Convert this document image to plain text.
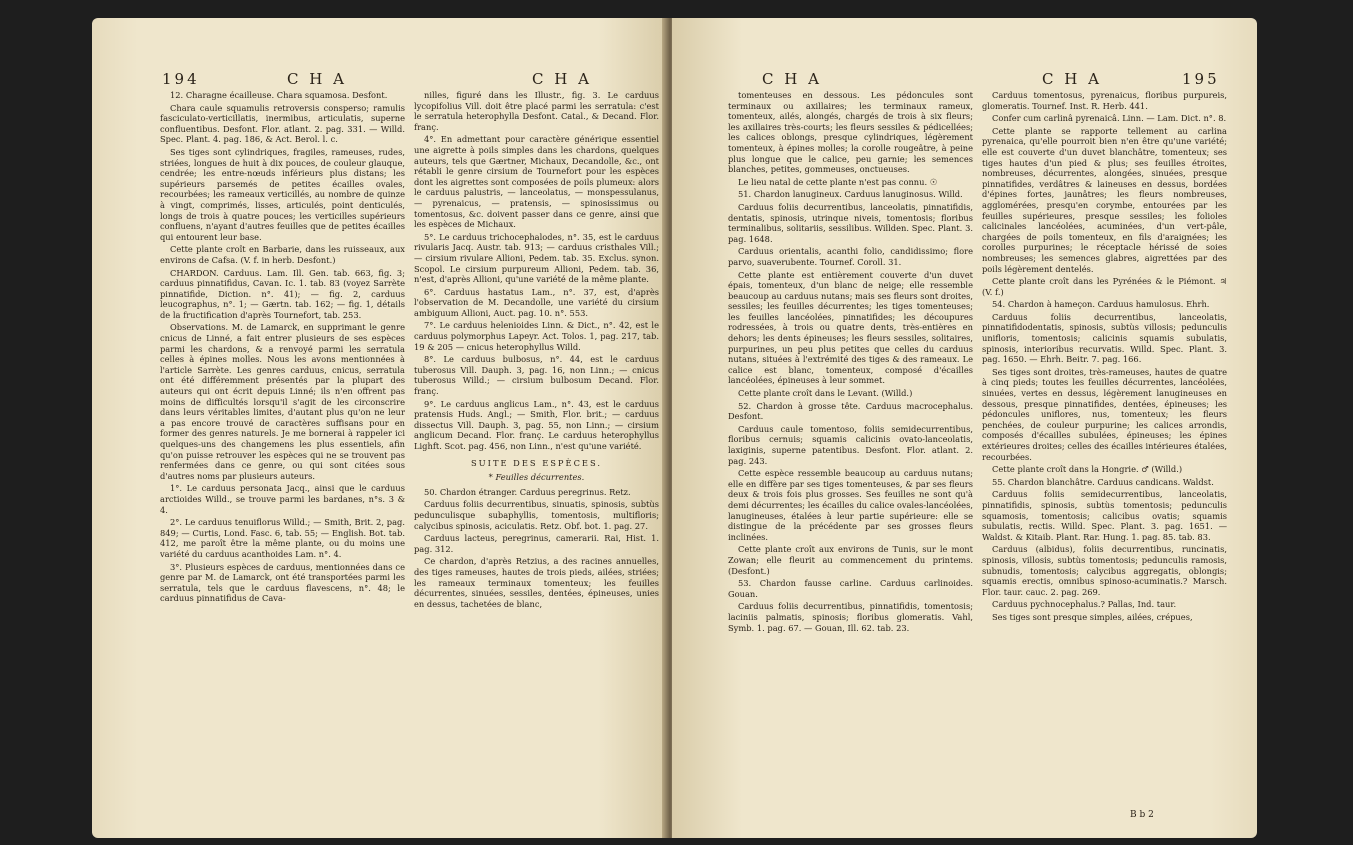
194	C H A	C H A

12. Charagne écailleuse. Chara squamosa. Desfont.

Chara caule squamulis retroversis consperso; ramulis fasciculato-verticillatis, inermibus, articulatis, superne confluentibus. Desfont. Flor. atlant. 2. pag. 331. — Willd. Spec. Plant. 4. pag. 186, & Act. Berol. l. c.

Ses tiges sont cylindriques, fragiles, rameuses, rudes, striées, longues de huit à dix pouces, de couleur glauque, cendrée; les entre-nœuds inférieurs plus distans; les supérieurs parsemés de petites écailles ovales, recourbées; les rameaux verticillés, au nombre de quinze à vingt, comprimés, lisses, articulés, point denticulés, longs de trois à quatre pouces; les verticilles supérieurs confluens, n'ayant d'autres feuilles que de petites écailles qui entourent leur base.

Cette plante croît en Barbarie, dans les ruisseaux, aux environs de Cafsa. (V. f. in herb. Desfont.)

CHARDON. Carduus. Lam. Ill. Gen. tab. 663, fig. 3; carduus pinnatifidus, Cavan. Ic. 1. tab. 83 (voyez Sarrète pinnatifide, Diction. n°. 41); — fig. 2, carduus leucographus, n°. 1; — Gærtn. tab. 162; — fig. 1, détails de la fructification d'après Tournefort, tab. 253.

Observations. M. de Lamarck, en supprimant le genre cnicus de Linné, a fait entrer plusieurs de ses espèces parmi les chardons, & a renvoyé parmi les serratula celles à épines molles. Nous les avons mentionnées à l'article Sarrète. Les genres carduus, cnicus, serratula ont été différemment présentés par la plupart des auteurs qui ont écrit depuis Linné; ils n'en offrent pas moins de difficultés lorsqu'il s'agit de les circonscrire dans leurs véritables limites, d'autant plus qu'on ne leur a pas encore trouvé de caractères suffisans pour en former des genres naturels. Je me bornerai à rappeler ici quelques-uns des changemens les plus essentiels, afin qu'on puisse retrouver les espèces qui ne se trouvent pas renfermées dans ce genre, ou qui sont citées sous d'autres noms par plusieurs auteurs.

1°. Le carduus personata Jacq., ainsi que le carduus arctioides Willd., se trouve parmi les bardanes, n°s. 3 & 4.

2°. Le carduus tenuiflorus Willd.; — Smith, Brit. 2, pag. 849; — Curtis, Lond. Fasc. 6, tab. 55; — English. Bot. tab. 412, me paroît être la même plante, ou du moins une variété du carduus acanthoides Lam. n°. 4.

3°. Plusieurs espèces de carduus, mentionnées dans ce genre par M. de Lamarck, ont été transportées parmi les serratula, tels que le carduus flavescens, n°. 48; le carduus pinnatifidus de Cava-

nilles, figuré dans les Illustr., fig. 3. Le carduus lycopifolius Vill. doit être placé parmi les serratula: c'est le serratula heterophylla Desfont. Catal., & Decand. Flor. franç.

4°. En admettant pour caractère générique essentiel une aigrette à poils simples dans les chardons, quelques auteurs, tels que Gærtner, Michaux, Decandolle, &c., ont rétabli le genre cirsium de Tournefort pour les espèces dont les aigrettes sont composées de poils plumeux: alors le carduus palustris, — lanceolatus, — monspessulanus, — pyrenaicus, — pratensis, — spinosissimus ou tomentosus, &c. doivent passer dans ce genre, ainsi que les espèces de Michaux.

5°. Le carduus trichocephalodes, n°. 35, est le carduus rivularis Jacq. Austr. tab. 913; — carduus cristhales Vill.; — cirsium rivulare Allioni, Pedem. tab. 35. Exclus. synon. Scopol. Le cirsium purpureum Allioni, Pedem. tab. 36, n'est, d'après Allioni, qu'une variété de la même plante.

6°. Carduus hastatus Lam., n°. 37, est, d'après l'observation de M. Decandolle, une variété du cirsium ambiguum Allioni, Auct. pag. 10. n°. 553.

7°. Le carduus helenioides Linn. & Dict., n°. 42, est le carduus polymorphus Lapeyr. Act. Tolos. 1, pag. 217, tab. 19 & 205 — cnicus heterophyllus Willd.

8°. Le carduus bulbosus, n°. 44, est le carduus tuberosus Vill. Dauph. 3, pag. 16, non Linn.; — cnicus tuberosus Willd.; — cirsium bulbosum Decand. Flor. franç.

9°. Le carduus anglicus Lam., n°. 43, est le carduus pratensis Huds. Angl.; — Smith, Flor. brit.; — carduus dissectus Vill. Dauph. 3, pag. 55, non Linn.; — cirsium anglicum Decand. Flor. franç. Le carduus heterophyllus Lighft. Scot. pag. 456, non Linn., n'est qu'une variété.

SUITE DES ESPÈCES.

* Feuilles décurrentes.

50. Chardon étranger. Carduus peregrinus. Retz.

Carduus foliis decurrentibus, sinuatis, spinosis, subtùs pedunculisque subaphyllis, tomentosis, multifloris; calycibus spinosis, aciculatis. Retz. Obf. bot. 1. pag. 27.

Carduus lacteus, peregrinus, camerarii. Rai, Hist. 1. pag. 312.

Ce chardon, d'après Retzius, a des racines annuelles, des tiges rameuses, hautes de trois pieds, ailées, striées; les rameaux terminaux tomenteux; les feuilles décurrentes, sinuées, sessiles, dentées, épineuses, unies en dessus, tachetées de blanc,

C H A	C H A	195

tomenteuses en dessous. Les pédoncules sont terminaux ou axillaires; les terminaux rameux, tomenteux, ailés, alongés, chargés de trois à six fleurs; les axillaires très-courts; les fleurs sessiles & pédicellées; les calices oblongs, presque cylindriques, légèrement tomenteux, à épines molles; la corolle rougeâtre, à peine plus longue que le calice, peu garnie; les semences blanches, petites, gommeuses, onctueuses.

Le lieu natal de cette plante n'est pas connu. ☉

51. Chardon lanugineux. Carduus lanuginosus. Willd.

Carduus foliis decurrentibus, lanceolatis, pinnatifidis, dentatis, spinosis, utrinque niveis, tomentosis; floribus terminalibus, solitariis, sessilibus. Willden. Spec. Plant. 3. pag. 1648.

Carduus orientalis, acanthi folio, candidissimo; flore parvo, suaverubente. Tournef. Coroll. 31.

Cette plante est entièrement couverte d'un duvet épais, tomenteux, d'un blanc de neige; elle ressemble beaucoup au carduus nutans; mais ses fleurs sont droites, sessiles; les feuilles décurrentes; les tiges tomenteuses; les feuilles lancéolées, pinnatifides; les découpures rodressées, à trois ou quatre dents, très-entières en dehors; les dents épineuses; les fleurs sessiles, solitaires, purpurines, un peu plus petites que celles du carduus nutans, situées à l'extrémité des tiges & des rameaux. Le calice est blanc, tomenteux, composé d'écailles lancéolées, épineuses à leur sommet.

Cette plante croît dans le Levant. (Willd.)

52. Chardon à grosse tête. Carduus macrocephalus. Desfont.

Carduus caule tomentoso, foliis semidecurrentibus, floribus cernuis; squamis calicinis ovato-lanceolatis, laxiginis, superne patentibus. Desfont. Flor. atlant. 2. pag. 243.

Cette espèce ressemble beaucoup au carduus nutans; elle en diffère par ses tiges tomenteuses, & par ses fleurs deux & trois fois plus grosses. Ses feuilles ne sont qu'à demi décurrentes; les écailles du calice ovales-lancéolées, lanugineuses, étalées à leur partie supérieure: elle se distingue de la précédente par ses grosses fleurs inclinées.

Cette plante croît aux environs de Tunis, sur le mont Zowan; elle fleurit au commencement du printems. (Desfont.)

53. Chardon fausse carline. Carduus carlinoides. Gouan.

Carduus foliis decurrentibus, pinnatifidis, tomentosis; laciniis palmatis, spinosis; floribus glomeratis. Vahl, Symb. 1. pag. 67. — Gouan, Ill. 62. tab. 23.

Carduus tomentosus, pyrenaicus, floribus purpureis, glomeratis. Tournef. Inst. R. Herb. 441.

Confer cum carlinâ pyrenaicâ. Linn. — Lam. Dict. n°. 8.

Cette plante se rapporte tellement au carlina pyrenaica, qu'elle pourroit bien n'en être qu'une variété; elle est couverte d'un duvet blanchâtre, tomenteux; ses tiges hautes d'un pied & plus; ses feuilles étroites, nombreuses, décurrentes, alongées, sinuées, presque pinnatifides, verdâtres & laineuses en dessus, bordées d'épines fortes, jaunâtres; les fleurs nombreuses, agglomérées, presqu'en corymbe, entourées par les feuilles supérieures, presque sessiles; les folioles calicinales lancéolées, acuminées, d'un vert-pâle, chargées de poils tomenteux, en fils d'araignées; les corolles purpurines; le réceptacle hérissé de soies nombreuses; les semences glabres, aigrettées par des poils légèrement dentelés.

Cette plante croît dans les Pyrénées & le Piémont. ♃ (V. f.)

54. Chardon à hameçon. Carduus hamulosus. Ehrh.

Carduus foliis decurrentibus, lanceolatis, pinnatifidodentatis, spinosis, subtùs villosis; pedunculis unifloris, tomentosis; calicinis squamis subulatis, spinosis, interioribus recurvatis. Willd. Spec. Plant. 3. pag. 1650. — Ehrh. Beitr. 7. pag. 166.

Ses tiges sont droites, très-rameuses, hautes de quatre à cinq pieds; toutes les feuilles décurrentes, lancéolées, sinuées, vertes en dessus, légèrement lanugineuses en dessous, presque pinnatifides, dentées, épineuses; les pédoncules uniflores, nus, tomenteux; les fleurs penchées, de couleur purpurine; les calices arrondis, composés d'écailles subulées, épineuses; les épines extérieures droites; celles des écailles intérieures étalées, recourbées.

Cette plante croît dans la Hongrie. ♂ (Willd.)

55. Chardon blanchâtre. Carduus candicans. Waldst.

Carduus foliis semidecurrentibus, lanceolatis, pinnatifidis, spinosis, subtùs tomentosis; pedunculis squamosis, tomentosis; calicibus ovatis; squamis subulatis, rectis. Willd. Spec. Plant. 3. pag. 1651. — Waldst. & Kitaib. Plant. Rar. Hung. 1. pag. 85. tab. 83.

Carduus (albidus), foliis decurrentibus, runcinatis, spinosis, villosis, subtùs tomentosis; pedunculis ramosis, subnudis, tomentosis; calycibus aggregatis, oblongis; squamis erectis, omnibus spinoso-acuminatis.? Marsch. Flor. taur. cauc. 2. pag. 269.

Carduus pychnocephalus.? Pallas, Ind. taur.

Ses tiges sont presque simples, ailées, crépues,

B b 2
